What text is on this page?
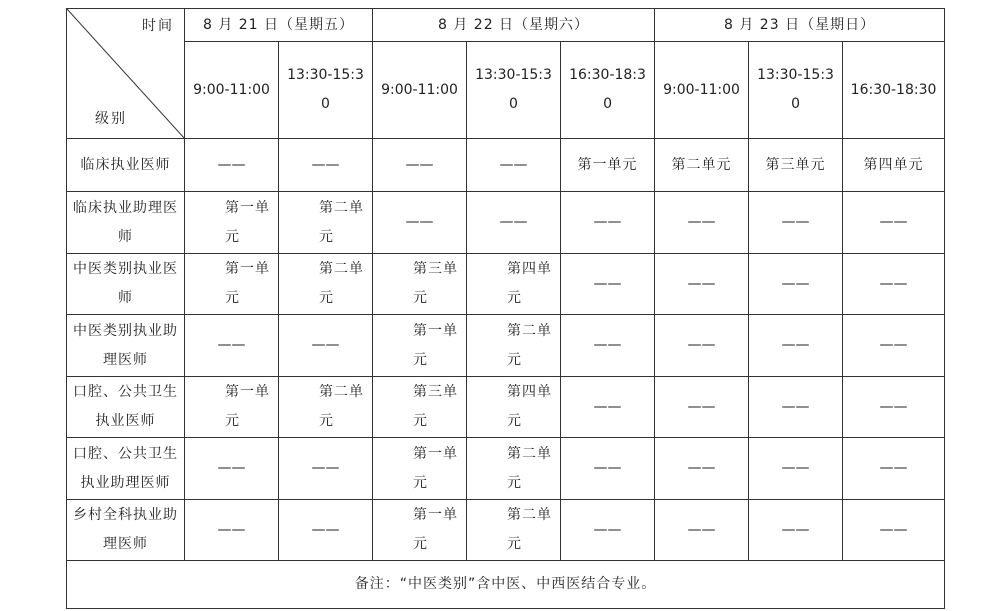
时间
级别	8 月 21 日（星期五）		8 月 22 日（星期六）			8 月 23 日（星期日）		
	9:00-11:00	13:30-15:30	9:00-11:00	13:30-15:30	16:30-18:30	9:00-11:00	13:30-15:30	16:30-18:30
临床执业医师	——	——	——	——	第一单元	第二单元	第三单元	第四单元
临床执业助理医师	第一单元	第二单元	——	——	——	——	——	——
中医类别执业医师	第一单元	第二单元	第三单元	第四单元	——	——	——	——
中医类别执业助理医师	——	——	第一单元	第二单元	——	——	——	——
口腔、公共卫生执业医师	第一单元	第二单元	第三单元	第四单元	——	——	——	——
口腔、公共卫生执业助理医师	——	——	第一单元	第二单元	——	——	——	——
乡村全科执业助理医师	——	——	第一单元	第二单元	——	——	——	——
备注：“中医类别”含中医、中西医结合专业。								
